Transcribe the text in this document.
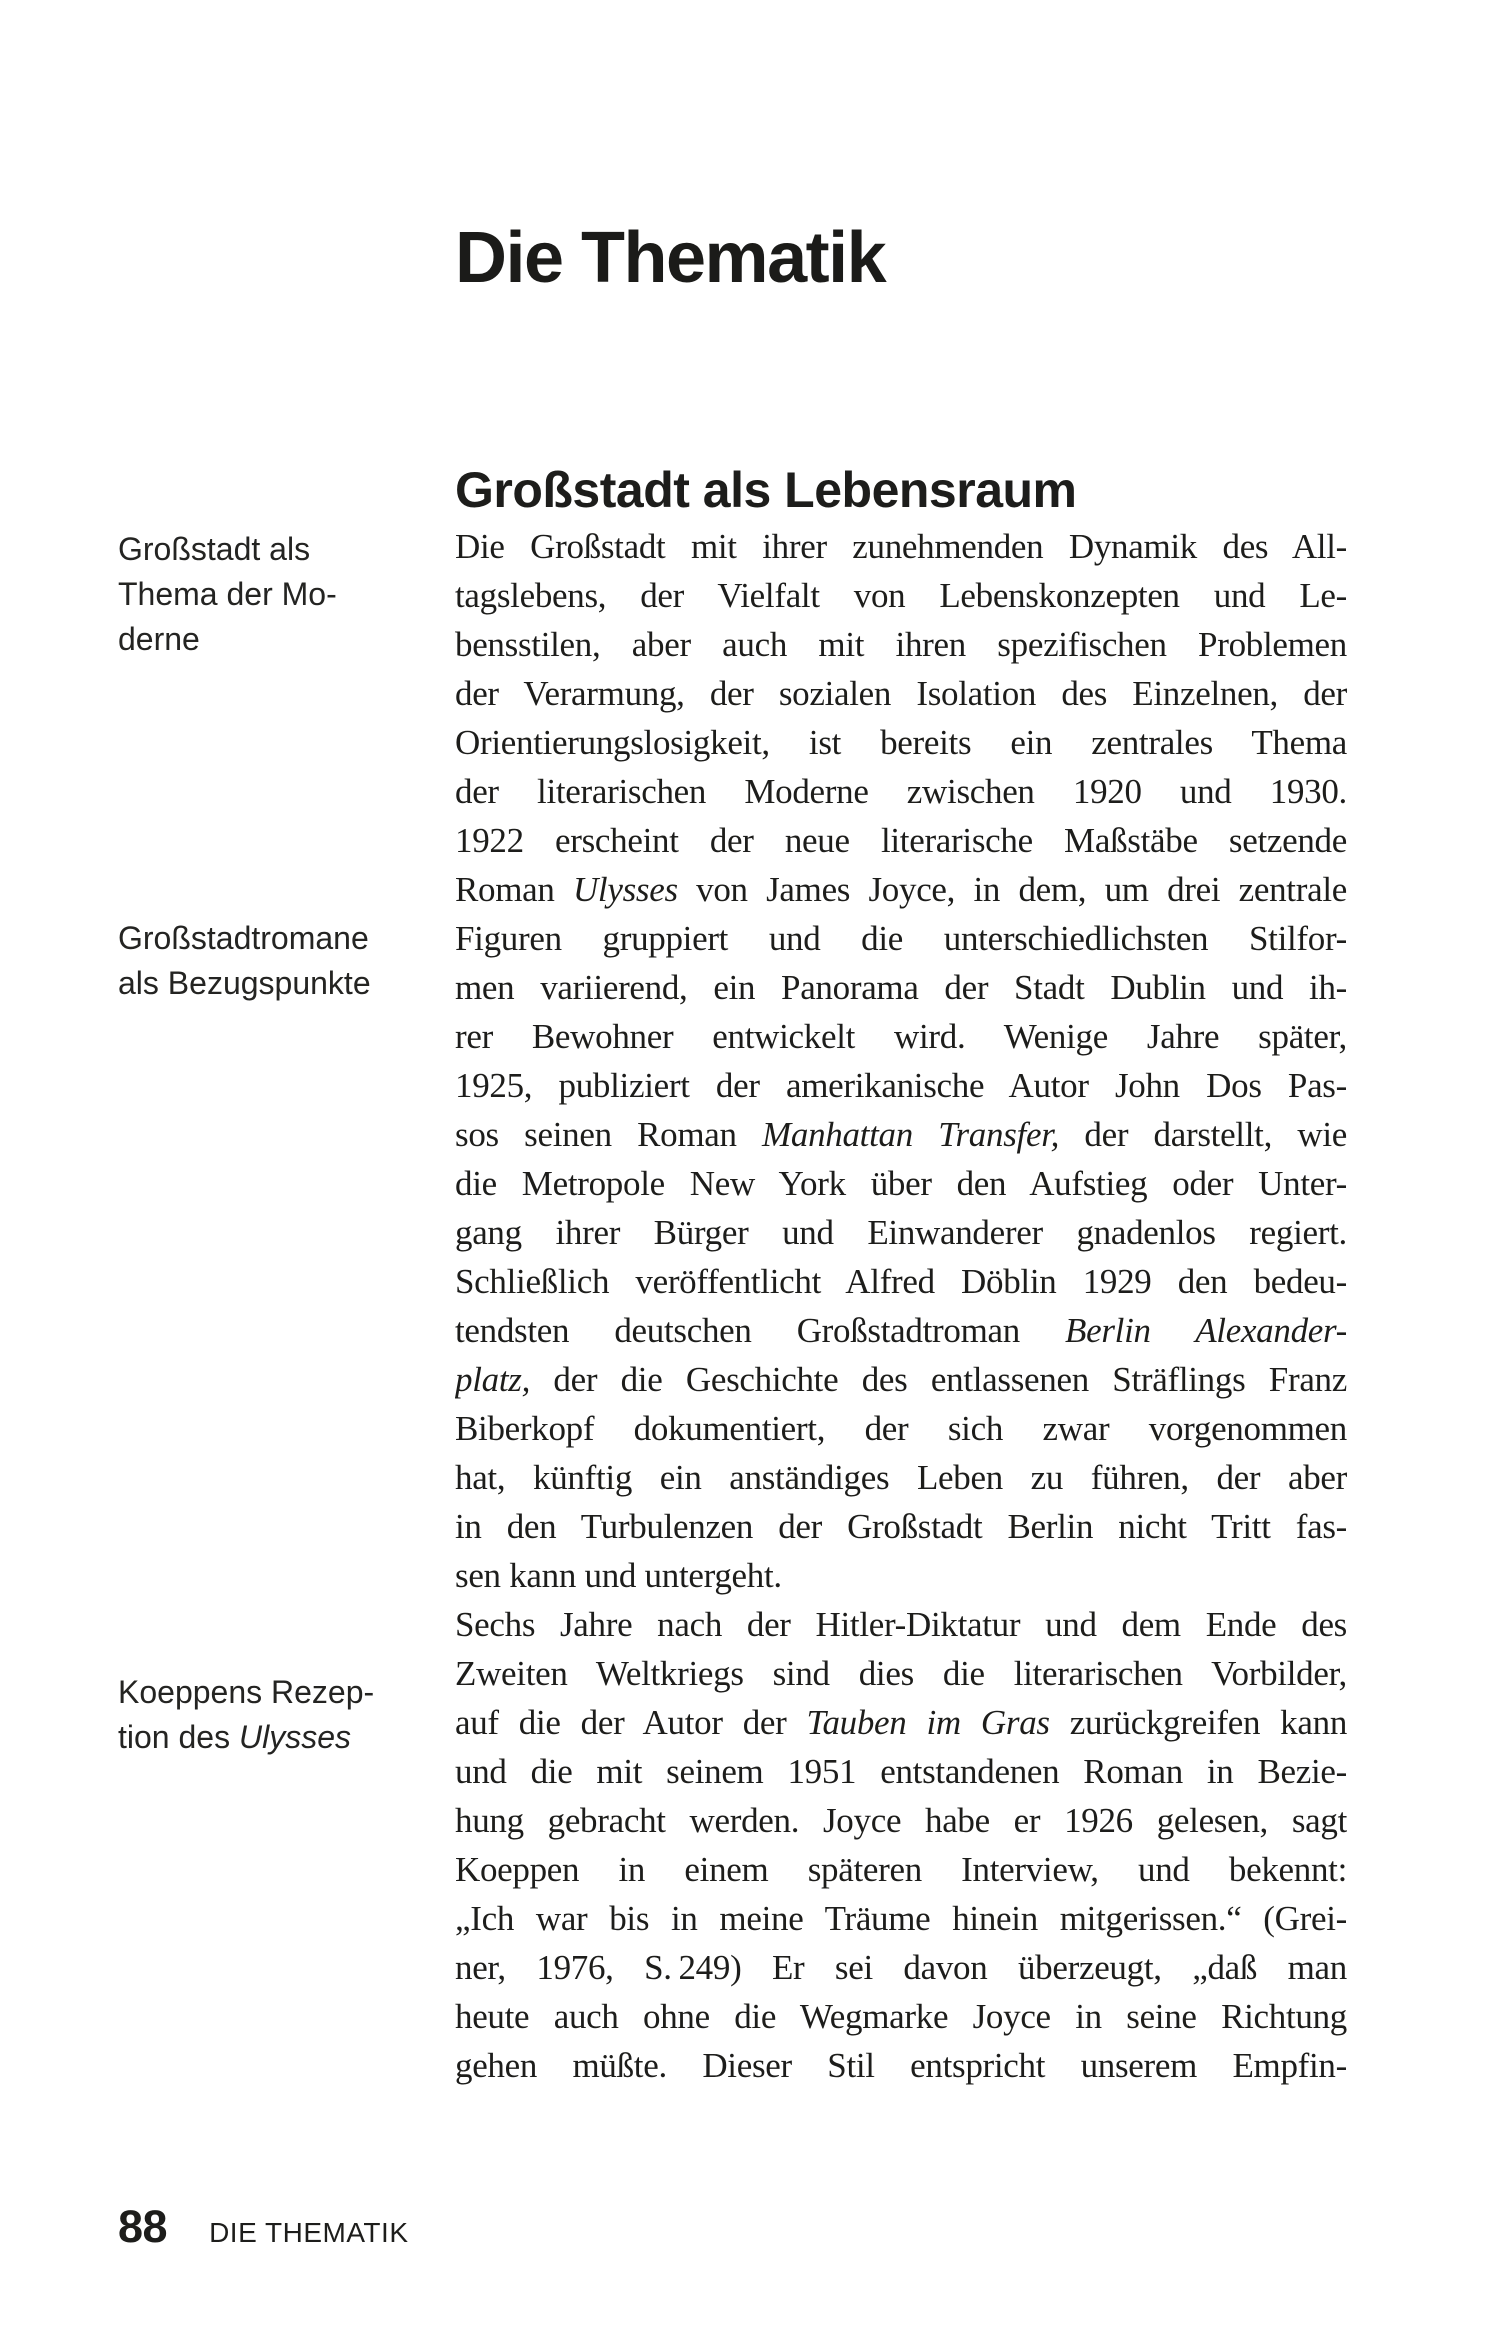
Die Thematik
Großstadt als Lebensraum
Großstadt als
Thema der Mo-
derne
Großstadtromane
als Bezugspunkte
Koeppens Rezep-
tion des Ulysses
Die Großstadt mit ihrer zunehmenden Dynamik des All-
tagslebens, der Vielfalt von Lebenskonzepten und Le-
bensstilen, aber auch mit ihren spezifischen Problemen
der Verarmung, der sozialen Isolation des Einzelnen, der
Orientierungslosigkeit, ist bereits ein zentrales Thema
der literarischen Moderne zwischen 1920 und 1930.
1922 erscheint der neue literarische Maßstäbe setzende
Roman Ulysses von James Joyce, in dem, um drei zentrale
Figuren gruppiert und die unterschiedlichsten Stilfor-
men variierend, ein Panorama der Stadt Dublin und ih-
rer Bewohner entwickelt wird. Wenige Jahre später,
1925, publiziert der amerikanische Autor John Dos Pas-
sos seinen Roman Manhattan Transfer, der darstellt, wie
die Metropole New York über den Aufstieg oder Unter-
gang ihrer Bürger und Einwanderer gnadenlos regiert.
Schließlich veröffentlicht Alfred Döblin 1929 den bedeu-
tendsten deutschen Großstadtroman Berlin Alexander-
platz, der die Geschichte des entlassenen Sträflings Franz
Biberkopf dokumentiert, der sich zwar vorgenommen
hat, künftig ein anständiges Leben zu führen, der aber
in den Turbulenzen der Großstadt Berlin nicht Tritt fas-
sen kann und untergeht.
Sechs Jahre nach der Hitler-Diktatur und dem Ende des
Zweiten Weltkriegs sind dies die literarischen Vorbilder,
auf die der Autor der Tauben im Gras zurückgreifen kann
und die mit seinem 1951 entstandenen Roman in Bezie-
hung gebracht werden. Joyce habe er 1926 gelesen, sagt
Koeppen in einem späteren Interview, und bekennt:
„Ich war bis in meine Träume hinein mitgerissen.“ (Grei-
ner, 1976, S. 249) Er sei davon überzeugt, „daß man
heute auch ohne die Wegmarke Joyce in seine Richtung
gehen müßte. Dieser Stil entspricht unserem Empfin-
88 DIE THEMATIK
